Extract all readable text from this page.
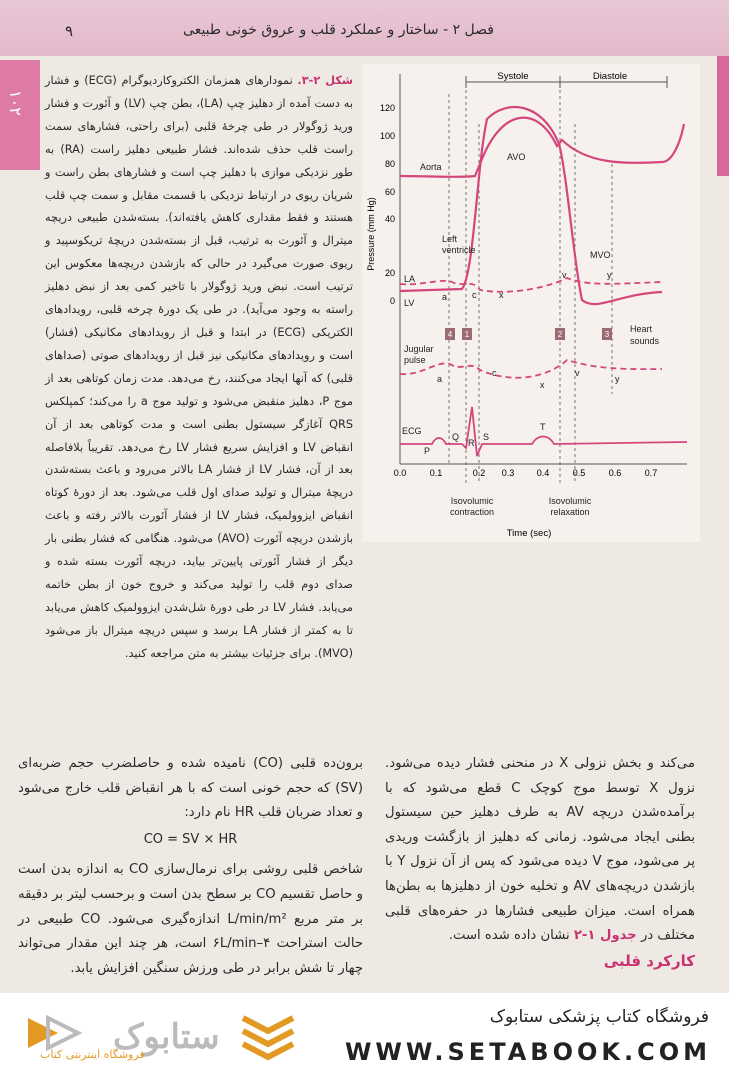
فصل ۲ - ساختار و عملکرد قلب و عروق خونی طبیعی
۹
۱۰۲
شکل ۲-۳. نمودارهای همزمان الکتروکاردیوگرام (ECG) و فشار به دست آمده از دهلیز چپ (LA)، بطن چپ (LV) و آئورت و فشار ورید ژوگولار در طی چرخهٔ قلبی (برای راحتی، فشارهای سمت راست قلب حذف شده‌اند. فشار طبیعی دهلیز راست (RA) به طور نزدیکی موازی با دهلیز چپ است و فشارهای بطن راست و شریان ریوی در ارتباط نزدیکی با قسمت مقابل و سمت چپ قلب هستند و فقط مقداری کاهش یافته‌اند). بسته‌شدن طبیعی دریچه میترال و آئورت به ترتیب، قبل از بسته‌شدن دریچهٔ تریکوسپید و ریوی صورت می‌گیرد در حالی که بازشدن دریچه‌ها معکوس این ترتیب است. نبض ورید ژوگولار با تاخیر کمی بعد از نبض دهلیز راسته به وجود می‌آید). در طی یک دورهٔ چرخه قلبی، رویدادهای الکتریکی (ECG) در ابتدا و قبل از رویدادهای مکانیکی (فشار) است و رویدادهای مکانیکی نیز قبل از رویدادهای صوتی (صداهای قلبی) که آنها ایجاد می‌کنند، رخ می‌دهد. مدت زمان کوتاهی بعد از موج P، دهلیز منقبض می‌شود و تولید موج a را می‌کند؛ کمپلکس QRS آغازگر سیستول بطنی است و مدت کوتاهی بعد از آن انقباض LV و افزایش سریع فشار LV رخ می‌دهد. تقریباً بلافاصله بعد از آن، فشار LV از فشار LA بالاتر می‌رود و باعث بسته‌شدن دریچهٔ میترال و تولید صدای اول قلب می‌شود. بعد از دورهٔ کوتاه انقباض ایزوولمیک، فشار LV از فشار آئورت بالاتر رفته و باعث بازشدن دریچه آئورت (AVO) می‌شود. هنگامی که فشار بطنی بار دیگر از فشار آئورتی پایین‌تر بیاید، دریچه آئورت بسته شده و صدای دوم قلب را تولید می‌کند و خروج خون از بطن خاتمه می‌یابد. فشار LV در طی دورهٔ شل‌شدن ایزوولمیک کاهش می‌یابد تا به کمتر از فشار LA برسد و سپس دریچه میترال باز می‌شود (MVO). برای جزئیات بیشتر به متن مراجعه کنید.
Pressure (mm Hg)
120
100
80
60
40
20
0
0.0	0.1	0.2 0.3 0.4	0.5	0.6	0.7
Time (sec)
Systole	Diastole
4 1	2	3
Aorta
AVO
Left
ventricle	MVO
LA
LV
a	c	x
v	y
Heart
sounds
Jugular
pulse
a
c
x
v
y
ECG
P
Q
R
S
T
Isovolumic
contraction
Isovolumic
relaxation
می‌کند و بخش نزولی X در منحنی فشار دیده می‌شود. نزول X توسط موج کوچک C قطع می‌شود که با برآمده‌شدن دریچه AV به طرف دهلیز حین سیستول بطنی ایجاد می‌شود. زمانی که دهلیز از بازگشت وریدی پر می‌شود، موج V دیده می‌شود که پس از آن نزول Y با بازشدن دریچه‌های AV و تخلیه خون از دهلیزها به بطن‌ها همراه است. میزان طبیعی فشارها در حفره‌های قلبی مختلف در جدول ۱-۲ نشان داده شده است.
کارکرد قلبی
برون‌ده قلبی (CO) نامیده شده و حاصلضرب حجم ضربه‌ای (SV) که حجم خونی است که با هر انقباض قلب خارج می‌شود و تعداد ضربان قلب HR نام دارد:
CO = SV × HR
شاخص قلبی روشی برای نرمال‌سازی CO به اندازه بدن است و حاصل تقسیم CO بر سطح بدن است و برحسب لیتر بر دقیقه بر متر مربع L/min/m² اندازه‌گیری می‌شود. CO طبیعی در حالت استراحت ۶L/min–۴ است، هر چند این مقدار می‌تواند چهار تا شش برابر در طی ورزش سنگین افزایش یابد.
ستابوک
فروشگاه اینترنتی کتاب
فروشگاه کتاب پزشکی ستابوک
WWW.SETABOOK.COM
